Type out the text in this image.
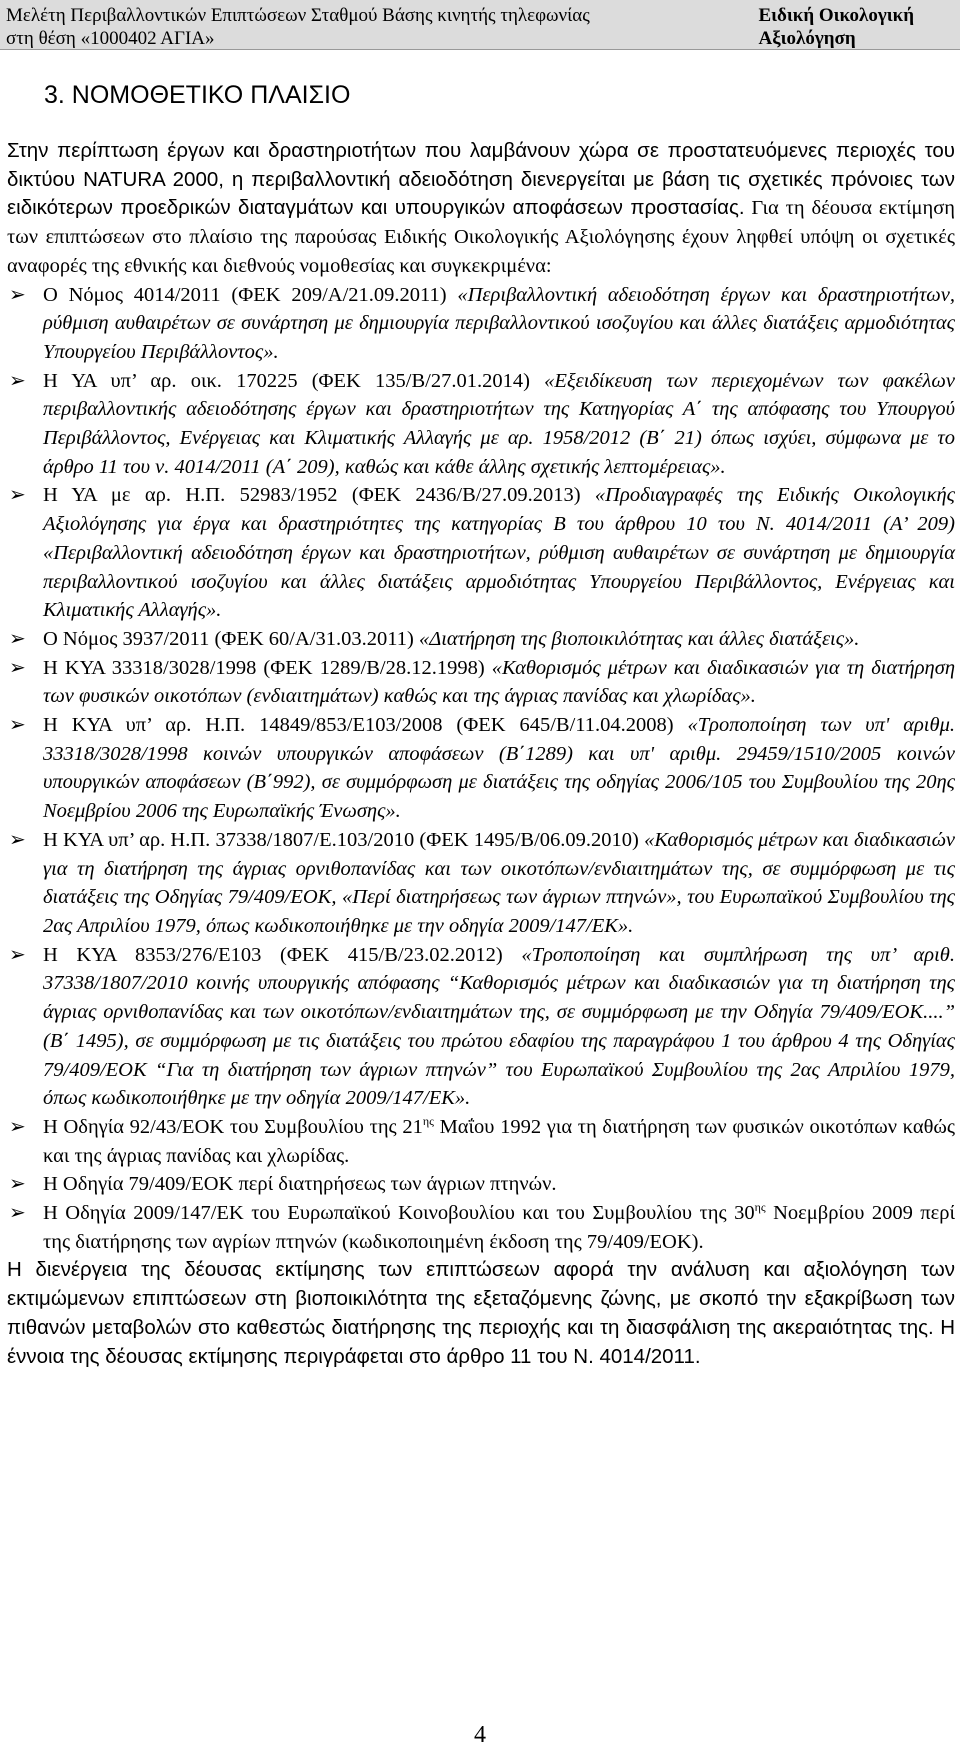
Μελέτη Περιβαλλοντικών Επιπτώσεων Σταθμού Βάσης κινητής τηλεφωνίας
στη θέση «1000402 ΑΓΙΑ»
Ειδική Οικολογική
Αξιολόγηση
3. ΝΟΜΟΘΕΤΙΚΟ ΠΛΑΙΣΙΟ

Στην περίπτωση έργων και δραστηριοτήτων που λαμβάνουν χώρα σε προστατευόμενες περιοχές του δικτύου NATURA 2000, η περιβαλλοντική αδειοδότηση διενεργείται με βάση τις σχετικές πρόνοιες των ειδικότερων προεδρικών διαταγμάτων και υπουργικών αποφάσεων προστασίας. Για τη δέουσα εκτίμηση των επιπτώσεων στο πλαίσιο της παρούσας Ειδικής Οικολογικής Αξιολόγησης έχουν ληφθεί υπόψη οι σχετικές αναφορές της εθνικής και διεθνούς νομοθεσίας και συγκεκριμένα:

➢ Ο Νόμος 4014/2011 (ΦΕΚ 209/Α/21.09.2011) «Περιβαλλοντική αδειοδότηση έργων και δραστηριοτήτων, ρύθμιση αυθαιρέτων σε συνάρτηση με δημιουργία περιβαλλοντικού ισοζυγίου και άλλες διατάξεις αρμοδιότητας Υπουργείου Περιβάλλοντος».
➢ Η ΥΑ υπ’ αρ. οικ. 170225 (ΦΕΚ 135/Β/27.01.2014) «Εξειδίκευση των περιεχομένων των φακέλων περιβαλλοντικής αδειοδότησης έργων και δραστηριοτήτων της Κατηγορίας Α΄ της απόφασης του Υπουργού Περιβάλλοντος, Ενέργειας και Κλιματικής Αλλαγής με αρ. 1958/2012 (Β΄ 21) όπως ισχύει, σύμφωνα με το άρθρο 11 του ν. 4014/2011 (Α΄ 209), καθώς και κάθε άλλης σχετικής λεπτομέρειας».
➢ Η ΥΑ με αρ. Η.Π. 52983/1952 (ΦΕΚ 2436/Β/27.09.2013) «Προδιαγραφές της Ειδικής Οικολογικής Αξιολόγησης για έργα και δραστηριότητες της κατηγορίας Β του άρθρου 10 του Ν. 4014/2011 (Α’ 209) «Περιβαλλοντική αδειοδότηση έργων και δραστηριοτήτων, ρύθμιση αυθαιρέτων σε συνάρτηση με δημιουργία περιβαλλοντικού ισοζυγίου και άλλες διατάξεις αρμοδιότητας Υπουργείου Περιβάλλοντος, Ενέργειας και Κλιματικής Αλλαγής».
➢ Ο Νόμος 3937/2011 (ΦΕΚ 60/Α/31.03.2011) «Διατήρηση της βιοποικιλότητας και άλλες διατάξεις».
➢ Η ΚΥΑ 33318/3028/1998 (ΦΕΚ 1289/Β/28.12.1998) «Καθορισμός μέτρων και διαδικασιών για τη διατήρηση των φυσικών οικοτόπων (ενδιαιτημάτων) καθώς και της άγριας πανίδας και χλωρίδας».
➢ Η ΚΥΑ υπ’ αρ. Η.Π. 14849/853/Ε103/2008 (ΦΕΚ 645/Β/11.04.2008) «Τροποποίηση των υπ' αριθμ. 33318/3028/1998 κοινών υπουργικών αποφάσεων (Β΄1289) και υπ' αριθμ. 29459/1510/2005 κοινών υπουργικών αποφάσεων (Β΄992), σε συμμόρφωση με διατάξεις της οδηγίας 2006/105 του Συμβουλίου της 20ης Νοεμβρίου 2006 της Ευρωπαϊκής Ένωσης».
➢ Η ΚΥΑ υπ’ αρ. Η.Π. 37338/1807/Ε.103/2010 (ΦΕΚ 1495/Β/06.09.2010) «Καθορισμός μέτρων και διαδικασιών για τη διατήρηση της άγριας ορνιθοπανίδας και των οικοτόπων/ενδιαιτημάτων της, σε συμμόρφωση με τις διατάξεις της Οδηγίας 79/409/ΕΟΚ, «Περί διατηρήσεως των άγριων πτηνών», του Ευρωπαϊκού Συμβουλίου της 2ας Απριλίου 1979, όπως κωδικοποιήθηκε με την οδηγία 2009/147/ΕΚ».
➢ Η ΚΥΑ 8353/276/Ε103 (ΦΕΚ 415/Β/23.02.2012) «Τροποποίηση και συμπλήρωση της υπ’ αριθ. 37338/1807/2010 κοινής υπουργικής απόφασης “Καθορισμός μέτρων και διαδικασιών για τη διατήρηση της άγριας ορνιθοπανίδας και των οικοτόπων/ενδιαιτημάτων της, σε συμμόρφωση με την Οδηγία 79/409/ΕΟΚ....” (Β΄ 1495), σε συμμόρφωση με τις διατάξεις του πρώτου εδαφίου της παραγράφου 1 του άρθρου 4 της Οδηγίας 79/409/ΕΟΚ “Για τη διατήρηση των άγριων πτηνών” του Ευρωπαϊκού Συμβουλίου της 2ας Απριλίου 1979, όπως κωδικοποιήθηκε με την οδηγία 2009/147/ΕΚ».
➢ Η Οδηγία 92/43/ΕΟΚ του Συμβουλίου της $21^{\eta\varsigma}$ Μαΐου 1992 για τη διατήρηση των φυσικών οικοτόπων καθώς και της άγριας πανίδας και χλωρίδας.
➢ Η Οδηγία 79/409/ΕΟΚ περί διατηρήσεως των άγριων πτηνών.
➢ Η Οδηγία 2009/147/ΕΚ του Ευρωπαϊκού Κοινοβουλίου και του Συμβουλίου της $30^{\eta\varsigma}$ Νοεμβρίου 2009 περί της διατήρησης των αγρίων πτηνών (κωδικοποιημένη έκδοση της 79/409/ΕΟΚ).

Η διενέργεια της δέουσας εκτίμησης των επιπτώσεων αφορά την ανάλυση και αξιολόγηση των εκτιμώμενων επιπτώσεων στη βιοποικιλότητα της εξεταζόμενης ζώνης, με σκοπό την εξακρίβωση των πιθανών μεταβολών στο καθεστώς διατήρησης της περιοχής και τη διασφάλιση της ακεραιότητας της. Η έννοια της δέουσας εκτίμησης περιγράφεται στο άρθρο 11 του Ν. 4014/2011.

4
